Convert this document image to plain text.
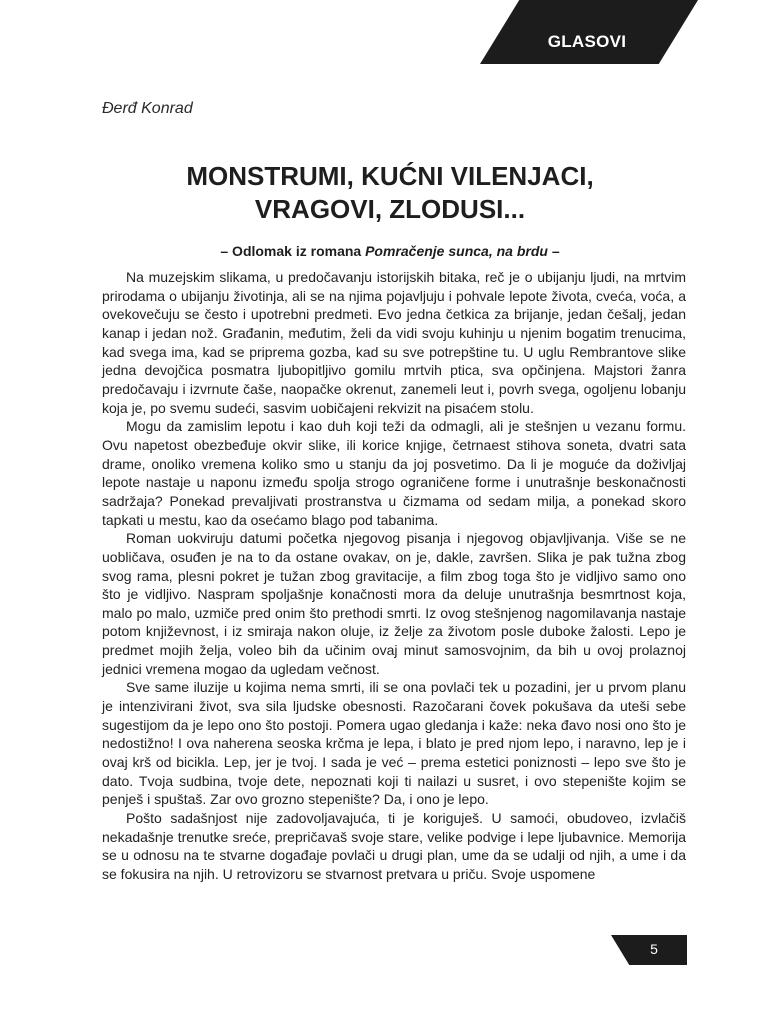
GLASOVI
Đerđ Konrad
MONSTRUMI, KUĆNI VILENJACI,
VRAGOVI, ZLODUSI...
– Odlomak iz romana Pomračenje sunca, na brdu –

Na muzejskim slikama, u predočavanju istorijskih bitaka, reč je o ubijanju ljudi, na mrtvim prirodama o ubijanju životinja, ali se na njima pojavljuju i pohvale lepote života, cveća, voća, a ovekovečuju se često i upotrebni predmeti. Evo jedna četkica za brijanje, jedan češalj, jedan kanap i jedan nož. Građanin, međutim, želi da vidi svoju kuhinju u njenim bogatim trenucima, kad svega ima, kad se priprema gozba, kad su sve potrepštine tu. U uglu Rembrantove slike jedna devojčica posmatra ljubopitljivo gomilu mrtvih ptica, sva opčinjena. Majstori žanra predočavaju i izvrnute čaše, naopačke okrenut, zanemeli leut i, povrh svega, ogoljenu lobanju koja je, po svemu sudeći, sasvim uobičajeni rekvizit na pisaćem stolu.

Mogu da zamislim lepotu i kao duh koji teži da odmagli, ali je stešnjen u vezanu formu. Ovu napetost obezbeđuje okvir slike, ili korice knjige, četrnaest stihova soneta, dvatri sata drame, onoliko vremena koliko smo u stanju da joj posvetimo. Da li je moguće da doživljaj lepote nastaje u naponu između spolja strogo ograničene forme i unutrašnje beskonačnosti sadržaja? Ponekad prevaljivati prostranstva u čizmama od sedam milja, a ponekad skoro tapkati u mestu, kao da osećamo blago pod tabanima.

Roman uokviruju datumi početka njegovog pisanja i njegovog objavljivanja. Više se ne uobličava, osuđen je na to da ostane ovakav, on je, dakle, završen. Slika je pak tužna zbog svog rama, plesni pokret je tužan zbog gravitacije, a film zbog toga što je vidljivo samo ono što je vidljivo. Naspram spoljašnje konačnosti mora da deluje unutrašnja besmrtnost koja, malo po malo, uzmiče pred onim što prethodi smrti. Iz ovog stešnjenog nagomilavanja nastaje potom književnost, i iz smiraja nakon oluje, iz želje za životom posle duboke žalosti. Lepo je predmet mojih želja, voleo bih da učinim ovaj minut samosvojnim, da bih u ovoj prolaznoj jednici vremena mogao da ugledam večnost.

Sve same iluzije u kojima nema smrti, ili se ona povlači tek u pozadini, jer u prvom planu je intenzivirani život, sva sila ljudske obesnosti. Razočarani čovek pokušava da uteši sebe sugestijom da je lepo ono što postoji. Pomera ugao gledanja i kaže: neka đavo nosi ono što je nedostižno! I ova naherena seoska krčma je lepa, i blato je pred njom lepo, i naravno, lep je i ovaj krš od bicikla. Lep, jer je tvoj. I sada je već – prema estetici poniznosti – lepo sve što je dato. Tvoja sudbina, tvoje dete, nepoznati koji ti nailazi u susret, i ovo stepenište kojim se penješ i spuštaš. Zar ovo grozno stepenište? Da, i ono je lepo.

Pošto sadašnjost nije zadovoljavajuća, ti je koriguješ. U samoći, obudoveo, izvlačiš nekadašnje trenutke sreće, prepričavaš svoje stare, velike podvige i lepe ljubavnice. Memorija se u odnosu na te stvarne događaje povlači u drugi plan, ume da se udalji od njih, a ume i da se fokusira na njih. U retrovizoru se stvarnost pretvara u priču. Svoje uspomene

5
